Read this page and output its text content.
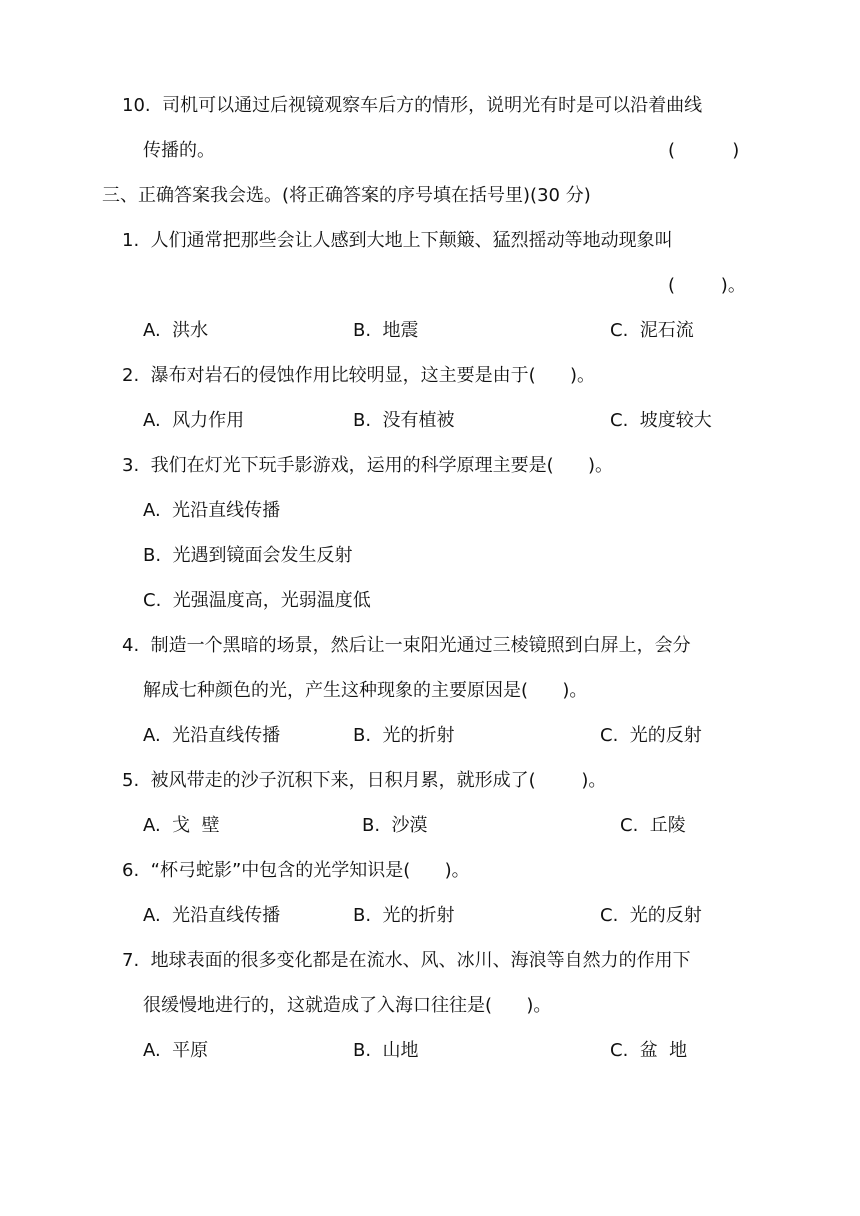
10.  司机可以通过后视镜观察车后方的情形，说明光有时是可以沿着曲线
传播的。	(          )
三、正确答案我会选。(将正确答案的序号填在括号里)(30 分)
1.  人们通常把那些会让人感到大地上下颠簸、猛烈摇动等地动现象叫
(        )。
A.  洪水	B.  地震	C.  泥石流
2.  瀑布对岩石的侵蚀作用比较明显，这主要是由于(      )。
A.  风力作用	B.  没有植被	C.  坡度较大
3.  我们在灯光下玩手影游戏，运用的科学原理主要是(      )。
A.  光沿直线传播
B.  光遇到镜面会发生反射
C.  光强温度高，光弱温度低
4.  制造一个黑暗的场景，然后让一束阳光通过三棱镜照到白屏上，会分
解成七种颜色的光，产生这种现象的主要原因是(      )。
A.  光沿直线传播	B.  光的折射	C.  光的反射
5.  被风带走的沙子沉积下来，日积月累，就形成了(        )。
A.  戈  壁	B.  沙漠	C.  丘陵
6.  “杯弓蛇影”中包含的光学知识是(      )。
A.  光沿直线传播	B.  光的折射	C.  光的反射
7.  地球表面的很多变化都是在流水、风、冰川、海浪等自然力的作用下
很缓慢地进行的，这就造成了入海口往往是(      )。
A.  平原	B.  山地	C.  盆  地
